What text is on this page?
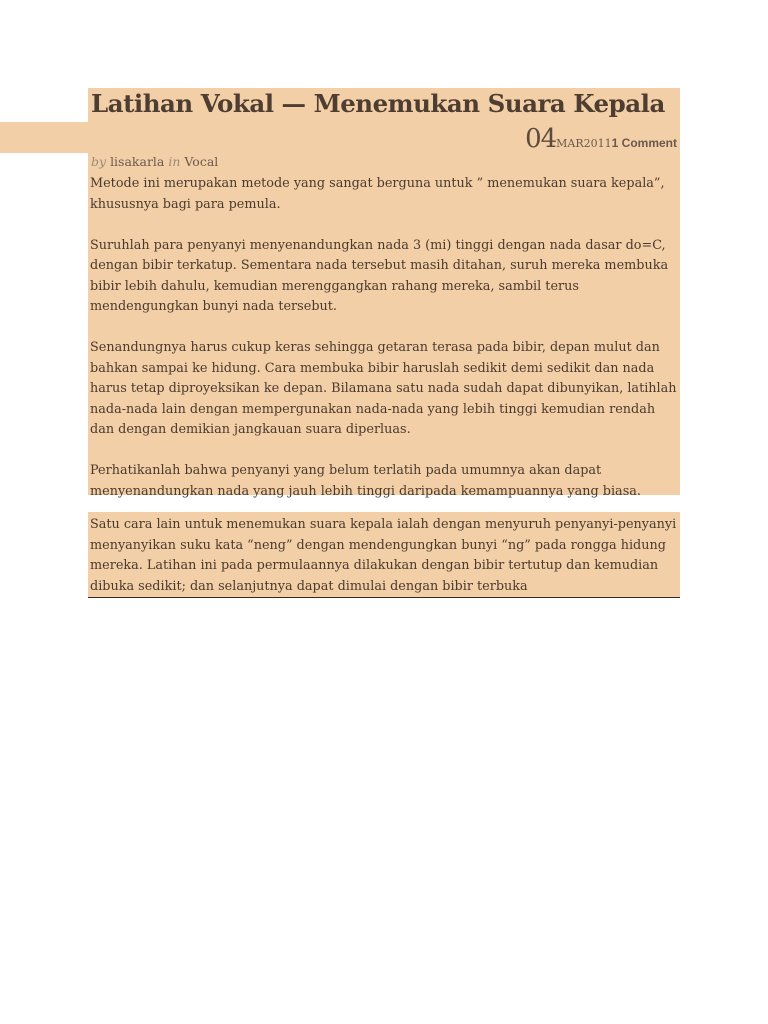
Latihan Vokal — Menemukan Suara Kepala
04MAR20111 Comment
by lisakarla in Vocal

Metode ini merupakan metode yang sangat berguna untuk ” menemukan suara kepala”, khususnya bagi para pemula.

Suruhlah para penyanyi menyenandungkan nada 3 (mi) tinggi dengan nada dasar do=C, dengan bibir terkatup. Sementara nada tersebut masih ditahan, suruh mereka membuka bibir lebih dahulu, kemudian merenggangkan rahang mereka, sambil terus mendengungkan bunyi nada tersebut.

Senandungnya harus cukup keras sehingga getaran terasa pada bibir, depan mulut dan bahkan sampai ke hidung. Cara membuka bibir haruslah sedikit demi sedikit dan nada harus tetap diproyeksikan ke depan. Bilamana satu nada sudah dapat dibunyikan, latihlah nada-nada lain dengan mempergunakan nada-nada yang lebih tinggi kemudian rendah dan dengan demikian jangkauan suara diperluas.

Perhatikanlah bahwa penyanyi yang belum terlatih pada umumnya akan dapat menyenandungkan nada yang jauh lebih tinggi daripada kemampuannya yang biasa.

Satu cara lain untuk menemukan suara kepala ialah dengan menyuruh penyanyi-penyanyi menyanyikan suku kata “neng” dengan mendengungkan bunyi “ng” pada rongga hidung mereka. Latihan ini pada permulaannya dilakukan dengan bibir tertutup dan kemudian dibuka sedikit; dan selanjutnya dapat dimulai dengan bibir terbuka
